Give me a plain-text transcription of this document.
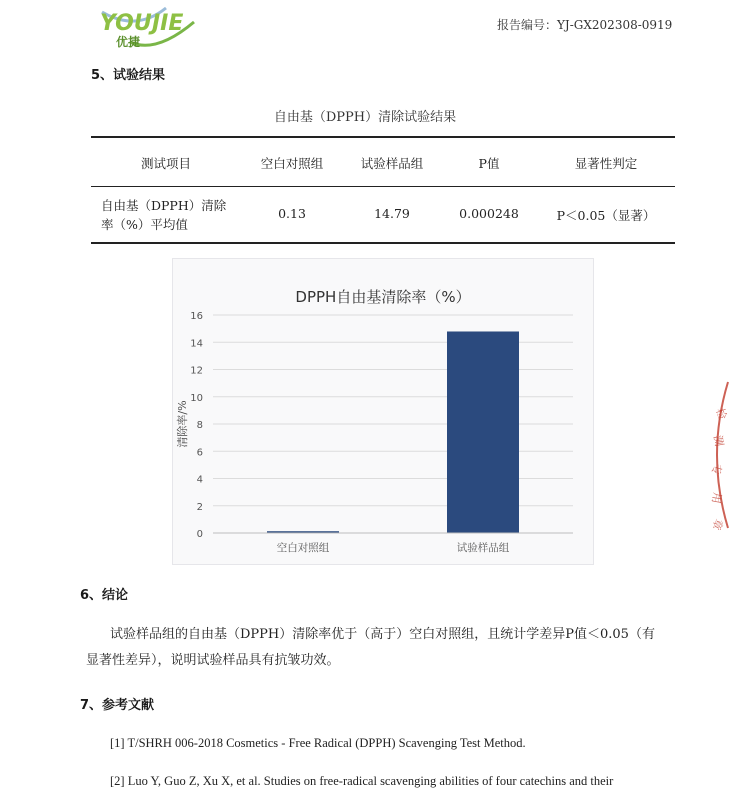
YOU JIE
优捷
报告编号：YJ-GX202308-0919
5、试验结果
自由基（DPPH）清除试验结果
测试项目	空白对照组	试验样品组	P值	显著性判定
自由基（DPPH）清除
率（%）平均值
0.13	14.79	0.000248	P＜0.05（显著）
DPPH自由基清除率（%）
0
2
4
6
8
10
12
14
16
清除率/%
空白对照组	试验样品组
检
测
专
用
章
6、结论
试验样品组的自由基（DPPH）清除率优于（高于）空白对照组，且统计学差异P值＜0.05（有
显著性差异），说明试验样品具有抗皱功效。
7、参考文献
[1] T/SHRH 006-2018 Cosmetics - Free Radical (DPPH) Scavenging Test Method.
[2] Luo Y, Guo Z, Xu X, et al. Studies on free-radical scavenging abilities of four catechins and their
